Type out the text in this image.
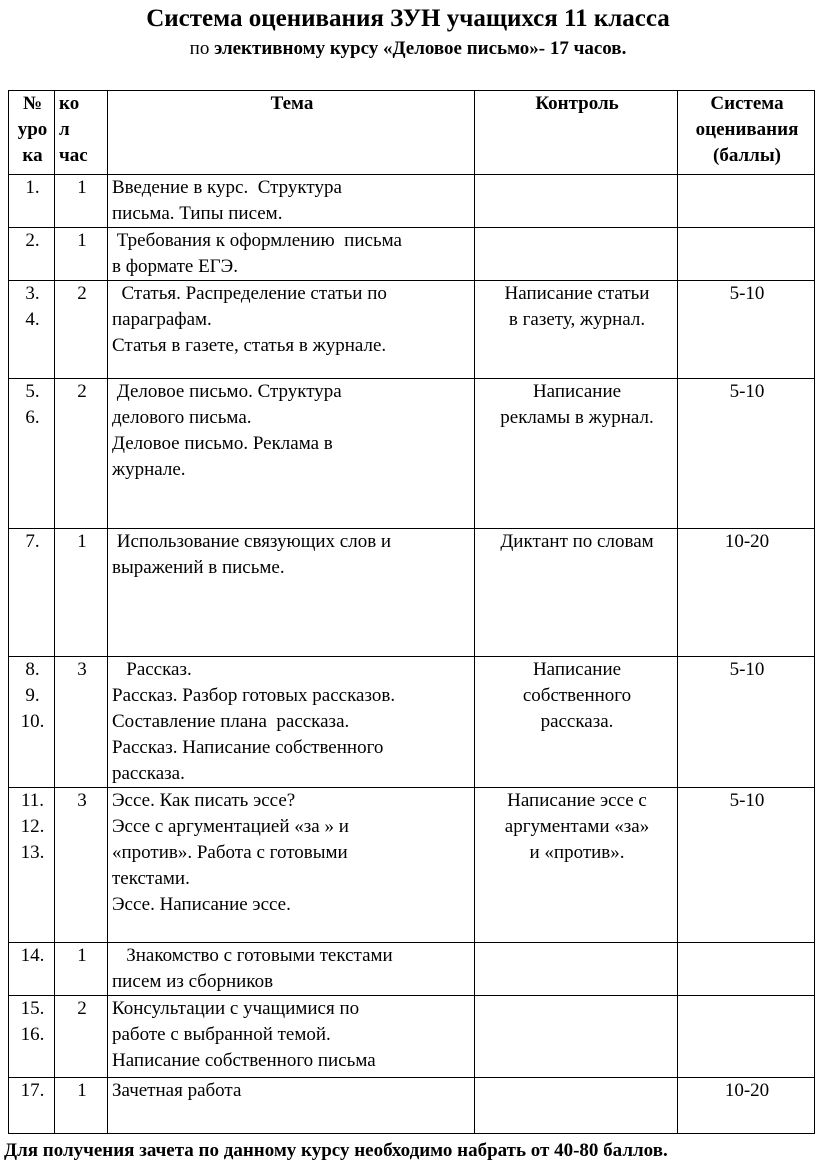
Система оценивания ЗУН учащихся 11 класса
по элективному курсу «Деловое письмо»- 17 часов.
№
уро
ка	ко
л
час	Тема	Контроль	Система
оценивания
(баллы)

1.	1	Введение в курс.  Структура
письма. Типы писем.		

2.	1	Требования к оформлению  письма
в формате ЕГЭ.		

3.
4.	2	Статья. Распределение статьи по
параграфам.
Статья в газете, статья в журнале.	Написание статьи
в газету, журнал.	5-10

5.
6.	2	Деловое письмо. Структура
делового письма.
Деловое письмо. Реклама в
журнале.	Написание
рекламы в журнал.	5-10

7.	1	Использование связующих слов и
выражений в письме.	Диктант по словам	10-20

8.
9.
10.	3	Рассказ.
Рассказ. Разбор готовых рассказов.
Составление плана  рассказа.
Рассказ. Написание собственного
рассказа.	Написание
собственного
рассказа.	5-10

11.
12.
13.	3	Эссе. Как писать эссе?
Эссе с аргументацией «за » и
«против». Работа с готовыми
текстами.
Эссе. Написание эссе.	Написание эссе с
аргументами «за»
и «против».	5-10

14.	1	Знакомство с готовыми текстами
писем из сборников		

15.
16.	2	Консультации с учащимися по
работе с выбранной темой.
Написание собственного письма		

17.	1	Зачетная работа		10-20
Для получения зачета по данному курсу необходимо набрать от 40-80 баллов.
